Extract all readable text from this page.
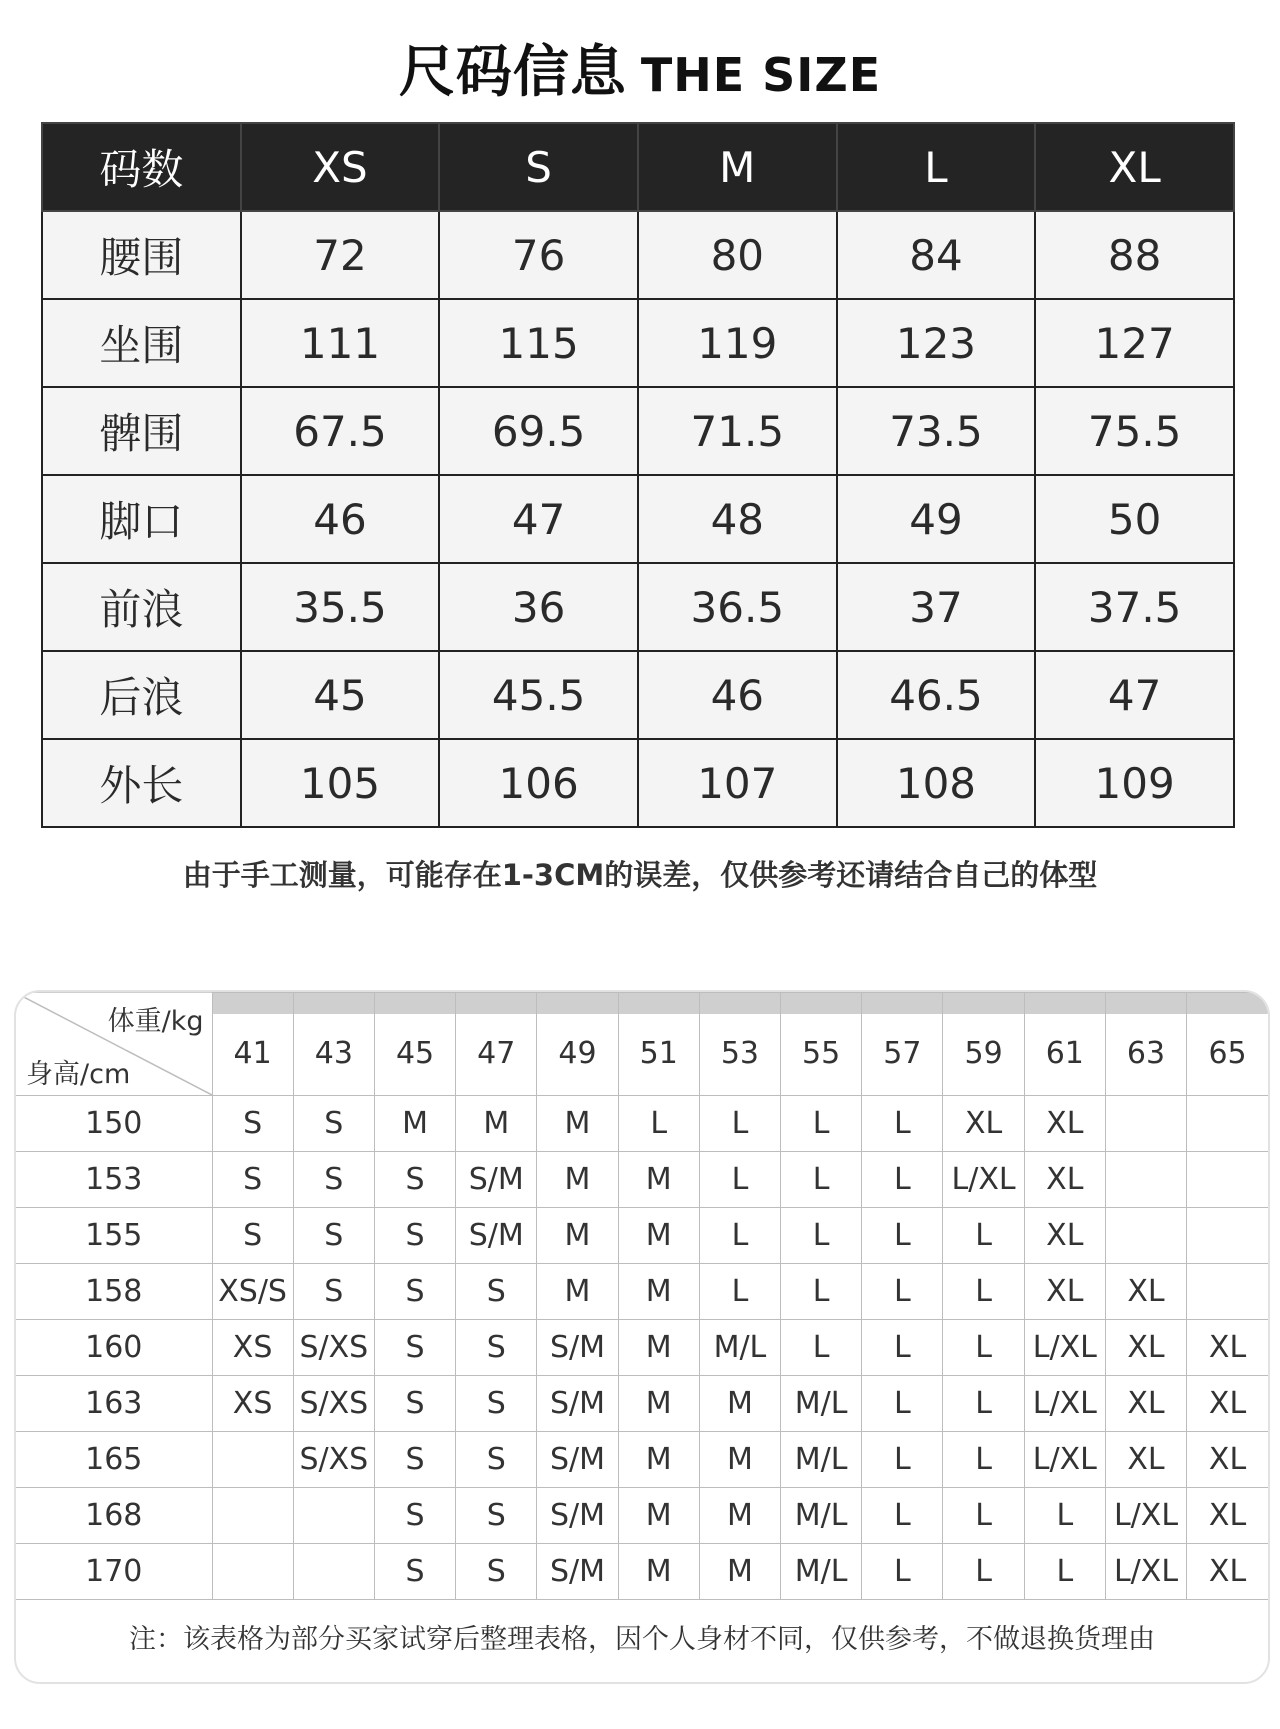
尺码信息 THE SIZE
码数	XS	S	M	L	XL
腰围	72	76	80	84	88
坐围	111	115	119	123	127
髀围	67.5	69.5	71.5	73.5	75.5
脚口	46	47	48	49	50
前浪	35.5	36	36.5	37	37.5
后浪	45	45.5	46	46.5	47
外长	105	106	107	108	109
由于手工测量，可能存在1-3CM的误差，仅供参考还请结合自己的体型
体重/kg
身高/cm	41	43	45	47	49	51	53	55	57	59	61	63	65
150	S	S	M	M	M	L	L	L	L	XL	XL		
153	S	S	S	S/M	M	M	L	L	L	L/XL	XL		
155	S	S	S	S/M	M	M	L	L	L	L	XL		
158	XS/S	S	S	S	M	M	L	L	L	L	XL	XL	
160	XS	S/XS	S	S	S/M	M	M/L	L	L	L	L/XL	XL	XL
163	XS	S/XS	S	S	S/M	M	M	M/L	L	L	L/XL	XL	XL
165		S/XS	S	S	S/M	M	M	M/L	L	L	L/XL	XL	XL
168			S	S	S/M	M	M	M/L	L	L	L	L/XL	XL
170			S	S	S/M	M	M	M/L	L	L	L	L/XL	XL
注：该表格为部分买家试穿后整理表格，因个人身材不同，仅供参考，不做退换货理由
